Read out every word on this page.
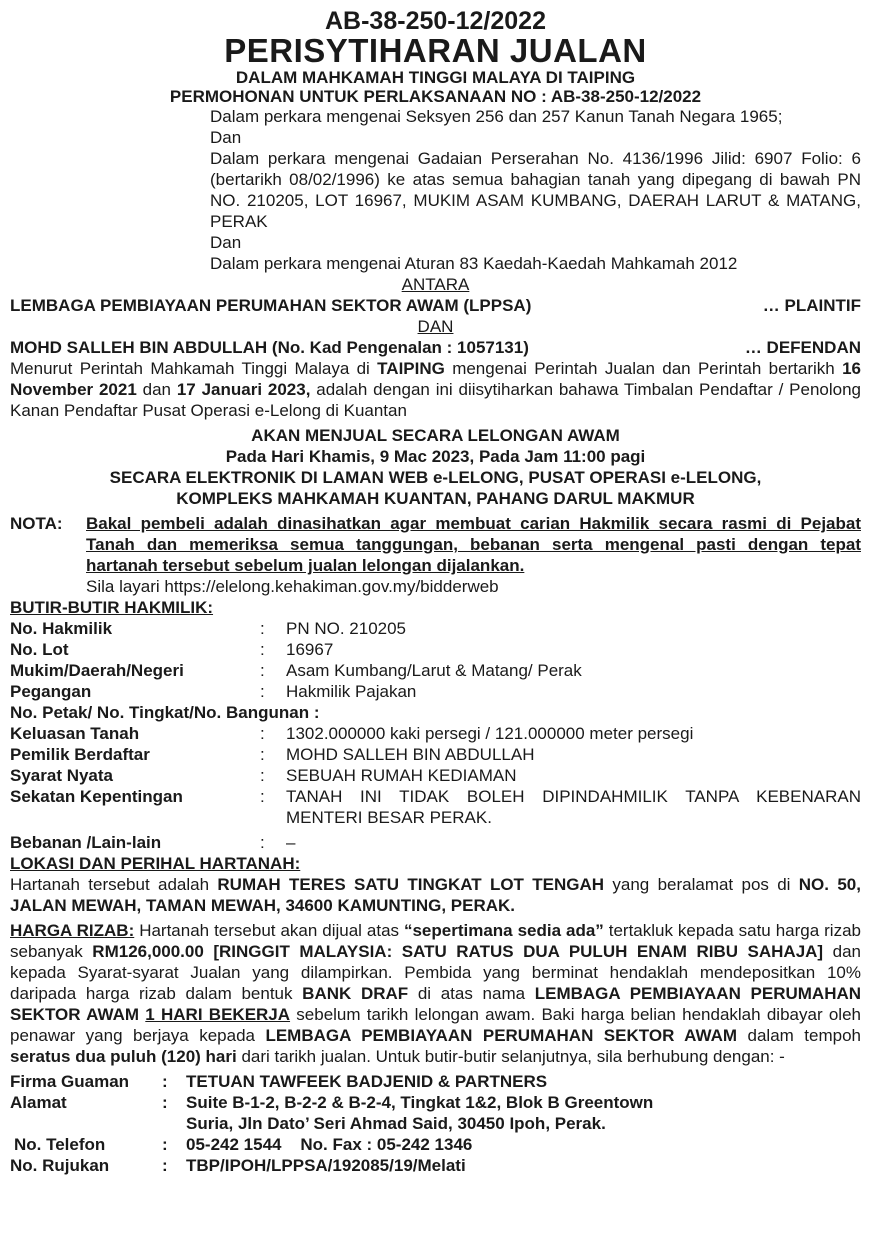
AB-38-250-12/2022
PERISYTIHARAN JUALAN
DALAM MAHKAMAH TINGGI MALAYA DI TAIPING
PERMOHONAN UNTUK PERLAKSANAAN NO : AB-38-250-12/2022
Dalam perkara mengenai Seksyen 256 dan 257 Kanun Tanah Negara 1965;
Dan
Dalam perkara mengenai Gadaian Perserahan No. 4136/1996 Jilid: 6907 Folio: 6 (bertarikh 08/02/1996) ke atas semua bahagian tanah yang dipegang di bawah PN NO. 210205, LOT 16967, MUKIM ASAM KUMBANG, DAERAH LARUT & MATANG, PERAK
Dan
Dalam perkara mengenai Aturan 83 Kaedah-Kaedah Mahkamah 2012
ANTARA
LEMBAGA PEMBIAYAAN PERUMAHAN SEKTOR AWAM (LPPSA)	… PLAINTIF
DAN
MOHD SALLEH BIN ABDULLAH (No. Kad Pengenalan : 1057131)	… DEFENDAN
Menurut Perintah Mahkamah Tinggi Malaya di TAIPING mengenai Perintah Jualan dan Perintah bertarikh 16 November 2021 dan 17 Januari 2023, adalah dengan ini diisytiharkan bahawa Timbalan Pendaftar / Penolong Kanan Pendaftar Pusat Operasi e-Lelong di Kuantan
AKAN MENJUAL SECARA LELONGAN AWAM
Pada Hari Khamis, 9 Mac 2023, Pada Jam 11:00 pagi
SECARA ELEKTRONIK DI LAMAN WEB e-LELONG, PUSAT OPERASI e-LELONG,
KOMPLEKS MAHKAMAH KUANTAN, PAHANG DARUL MAKMUR
NOTA:	Bakal pembeli adalah dinasihatkan agar membuat carian Hakmilik secara rasmi di Pejabat Tanah dan memeriksa semua tanggungan, bebanan serta mengenal pasti dengan tepat hartanah tersebut sebelum jualan lelongan dijalankan.
Sila layari https://elelong.kehakiman.gov.my/bidderweb
BUTIR-BUTIR HAKMILIK:
No. Hakmilik	:	PN NO. 210205
No. Lot	:	16967
Mukim/Daerah/Negeri	:	Asam Kumbang/Larut & Matang/ Perak
Pegangan	:	Hakmilik Pajakan
No. Petak/ No. Tingkat/No. Bangunan :
Keluasan Tanah	:	1302.000000 kaki persegi / 121.000000 meter persegi
Pemilik Berdaftar	:	MOHD SALLEH BIN ABDULLAH
Syarat Nyata	:	SEBUAH RUMAH KEDIAMAN
Sekatan Kepentingan	:	TANAH INI TIDAK BOLEH DIPINDAHMILIK TANPA KEBENARAN MENTERI BESAR PERAK.
Bebanan /Lain-lain	:	–
LOKASI DAN PERIHAL HARTANAH:
Hartanah tersebut adalah RUMAH TERES SATU TINGKAT LOT TENGAH yang beralamat pos di NO. 50, JALAN MEWAH, TAMAN MEWAH, 34600 KAMUNTING, PERAK.
HARGA RIZAB: Hartanah tersebut akan dijual atas “sepertimana sedia ada” tertakluk kepada satu harga rizab sebanyak RM126,000.00 [RINGGIT MALAYSIA: SATU RATUS DUA PULUH ENAM RIBU SAHAJA] dan kepada Syarat-syarat Jualan yang dilampirkan. Pembida yang berminat hendaklah mendepositkan 10% daripada harga rizab dalam bentuk BANK DRAF di atas nama LEMBAGA PEMBIAYAAN PERUMAHAN SEKTOR AWAM 1 HARI BEKERJA sebelum tarikh lelongan awam. Baki harga belian hendaklah dibayar oleh penawar yang berjaya kepada LEMBAGA PEMBIAYAAN PERUMAHAN SEKTOR AWAM dalam tempoh seratus dua puluh (120) hari dari tarikh jualan. Untuk butir-butir selanjutnya, sila berhubung dengan: -
Firma Guaman	:	TETUAN TAWFEEK BADJENID & PARTNERS
Alamat	:	Suite B-1-2, B-2-2 & B-2-4, Tingkat 1&2, Blok B Greentown
Suria, Jln Dato’ Seri Ahmad Said, 30450 Ipoh, Perak.
No. Telefon	:	05-242 1544    No. Fax : 05-242 1346
No. Rujukan	:	TBP/IPOH/LPPSA/192085/19/Melati
